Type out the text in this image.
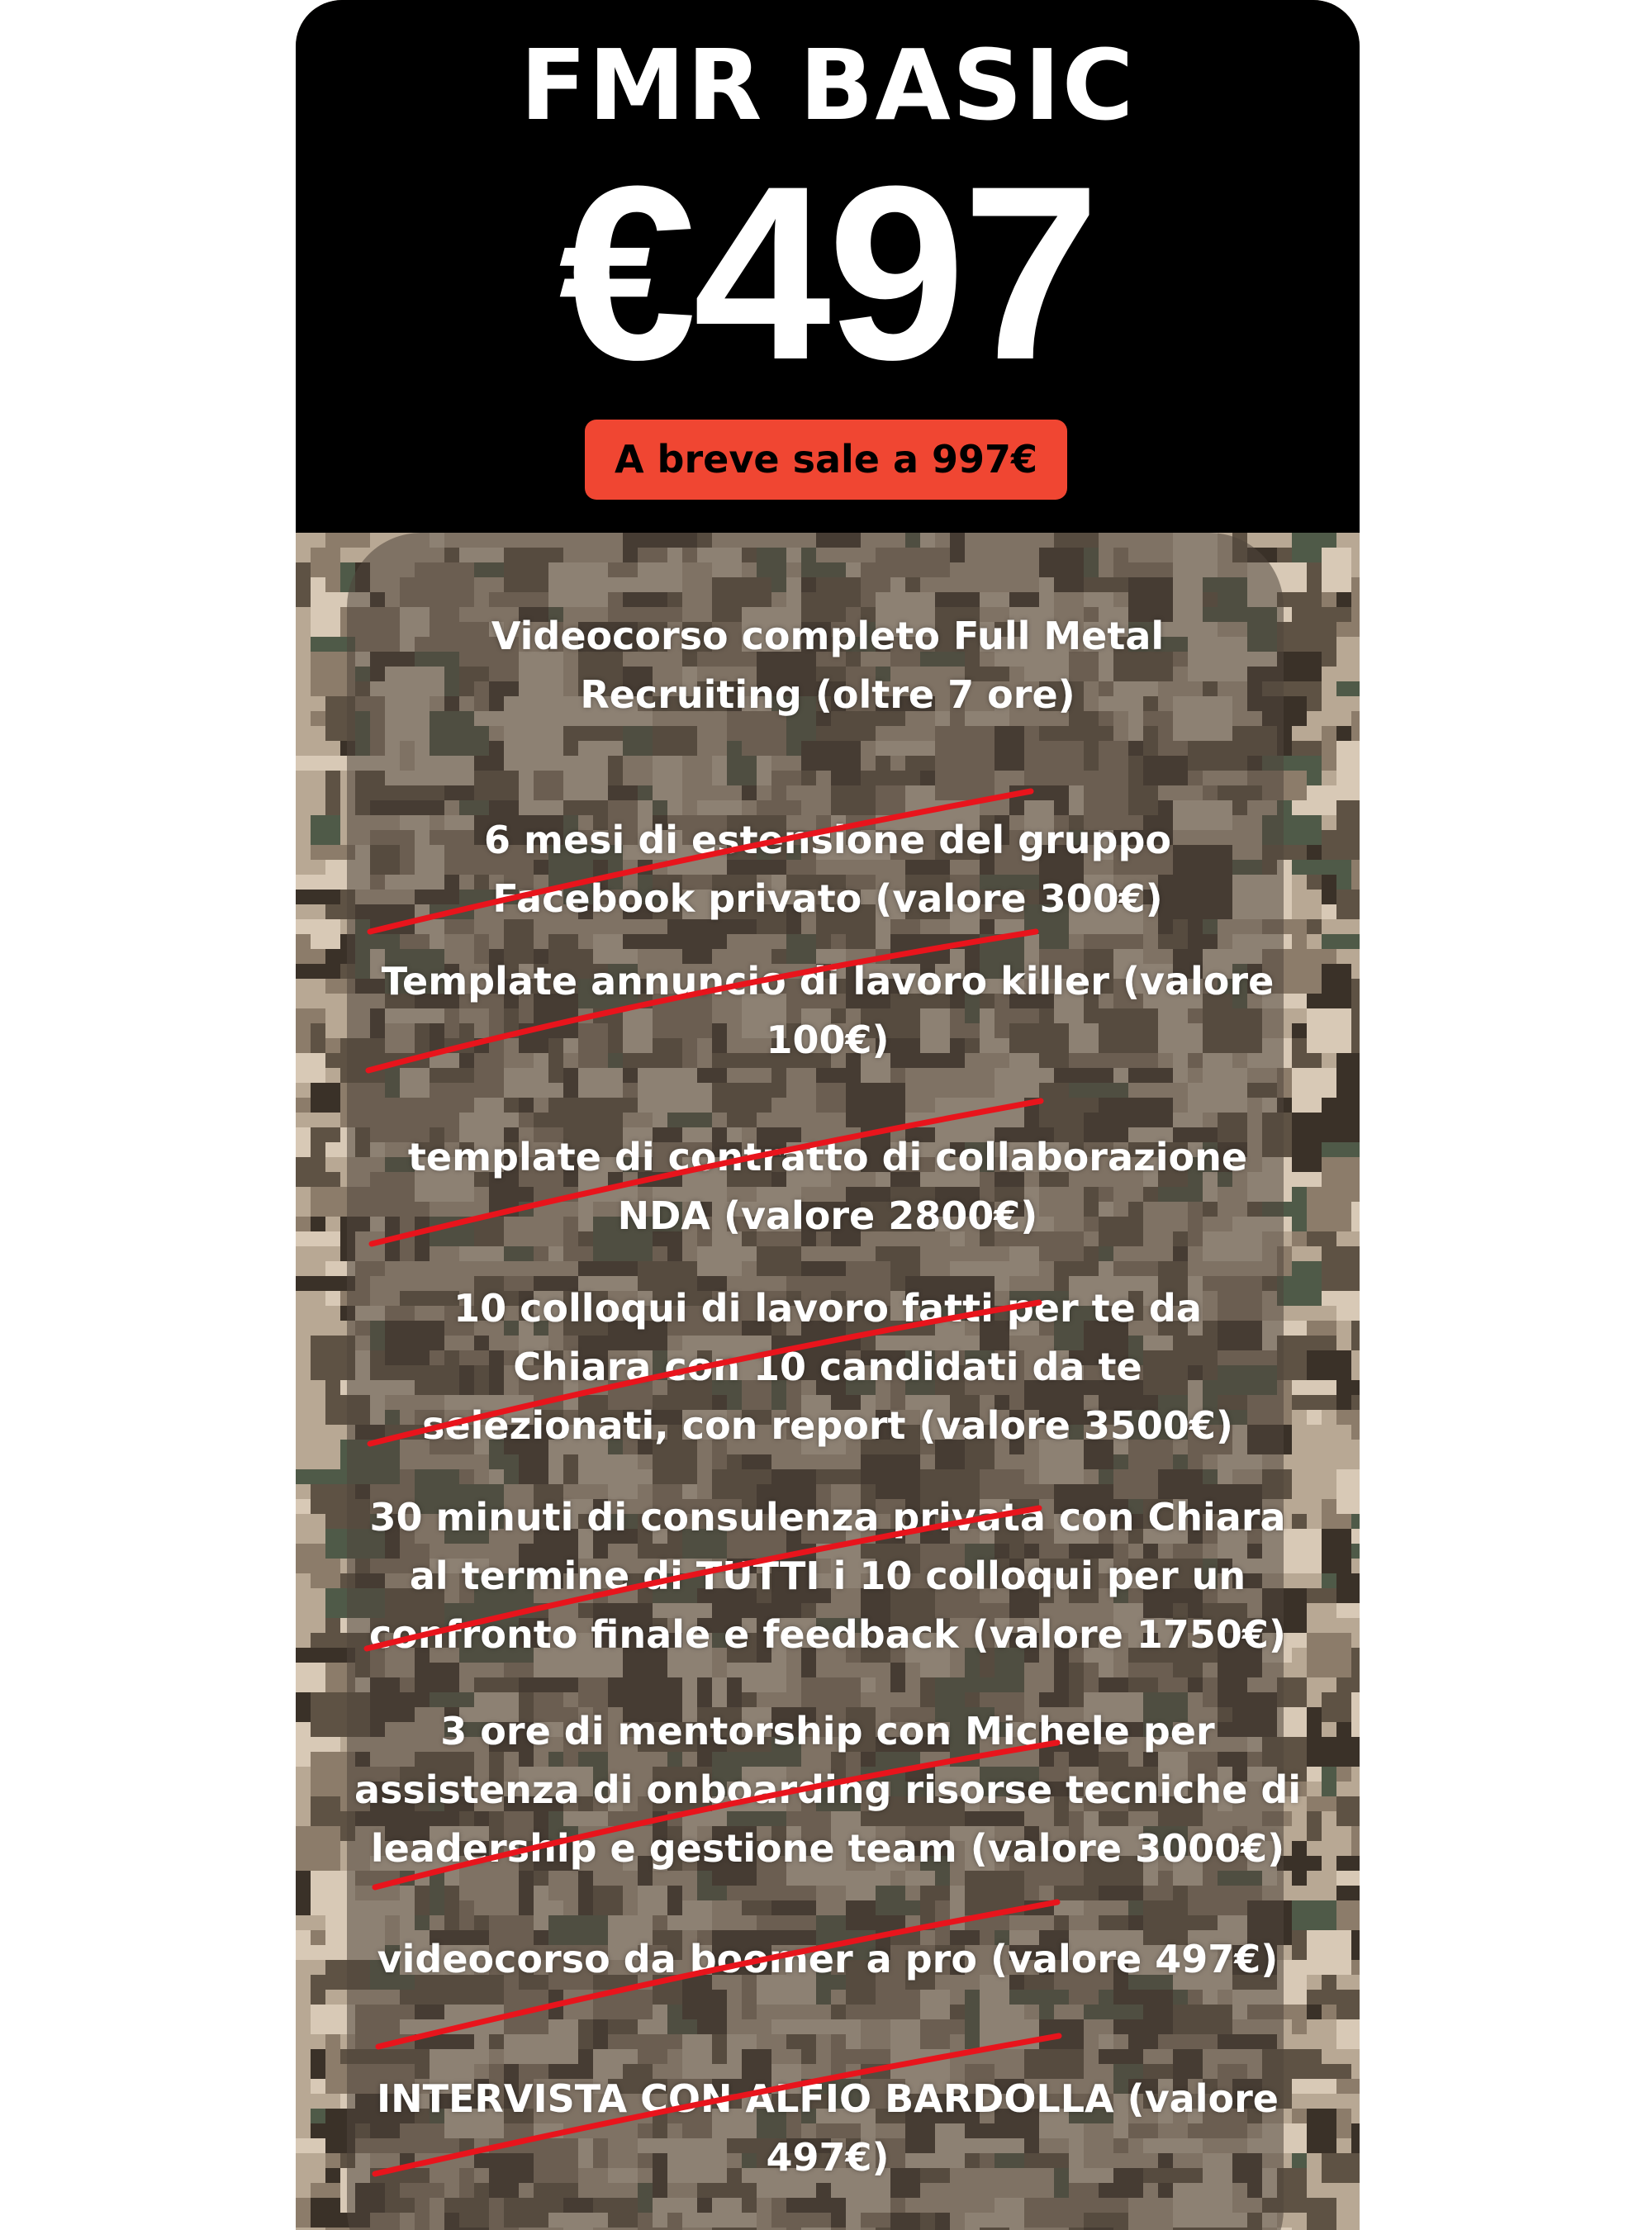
FMR BASIC
€497
A breve sale a 997€
Videocorso completo Full Metal Recruiting (oltre 7 ore)
6 mesi di estensione del gruppo Facebook privato (valore 300€)
Template annuncio di lavoro killer (valore 100€)
template di contratto di collaborazione NDA (valore 2800€)
10 colloqui di lavoro fatti per te da Chiara con 10 candidati da te selezionati, con report (valore 3500€)
30 minuti di consulenza privata con Chiara al termine di TUTTI i 10 colloqui per un confronto finale e feedback (valore 1750€)
3 ore di mentorship con Michele per assistenza di onboarding risorse tecniche di leadership e gestione team (valore 3000€)
videocorso da boomer a pro (valore 497€)
INTERVISTA CON ALFIO BARDOLLA (valore 497€)
